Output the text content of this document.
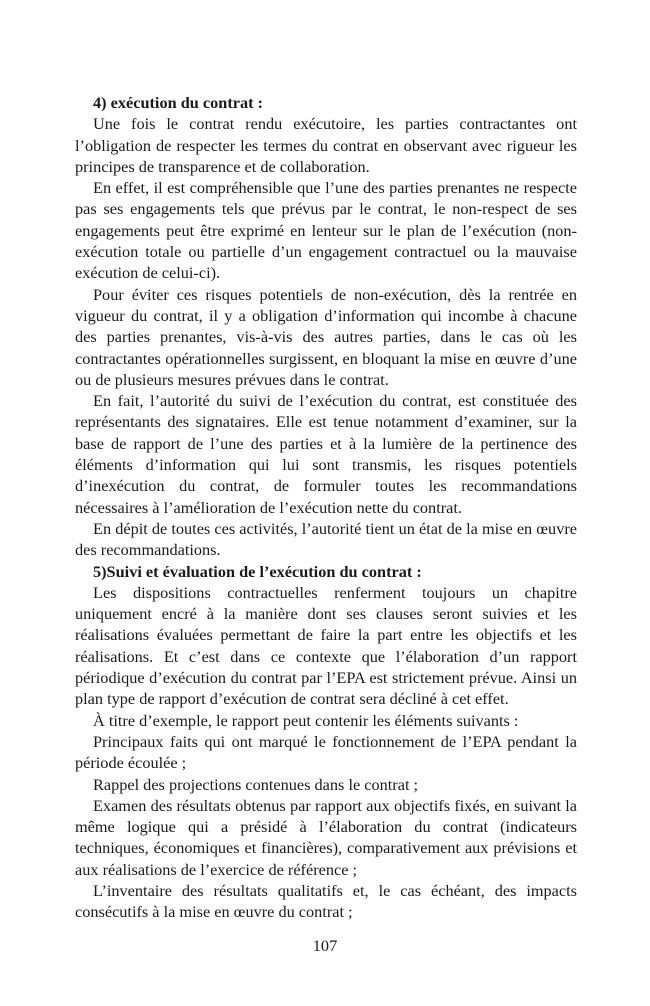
4) exécution du contrat :

Une fois le contrat rendu exécutoire, les parties contractantes ont l’obligation de respecter les termes du contrat en observant avec rigueur les principes de transparence et de collaboration.

En effet, il est compréhensible que l’une des parties prenantes ne respecte pas ses engagements tels que prévus par le contrat, le non-respect de ses engagements peut être exprimé en lenteur sur le plan de l’exécution (non-exécution totale ou partielle d’un engagement contractuel ou la mauvaise exécution de celui-ci).

Pour éviter ces risques potentiels de non-exécution, dès la rentrée en vigueur du contrat, il y a obligation d’information qui incombe à chacune des parties prenantes, vis-à-vis des autres parties, dans le cas où les contractantes opérationnelles surgissent, en bloquant la mise en œuvre d’une ou de plusieurs mesures prévues dans le contrat.

En fait, l’autorité du suivi de l’exécution du contrat, est constituée des représentants des signataires. Elle est tenue notamment d’examiner, sur la base de rapport de l’une des parties et à la lumière de la pertinence des éléments d’information qui lui sont transmis, les risques potentiels d’inexécution du contrat, de formuler toutes les recommandations nécessaires à l’amélioration de l’exécution nette du contrat.

En dépit de toutes ces activités, l’autorité tient un état de la mise en œuvre des recommandations.

5)Suivi et évaluation de l’exécution du contrat :

Les dispositions contractuelles renferment toujours un chapitre uniquement encré à la manière dont ses clauses seront suivies et les réalisations évaluées permettant de faire la part entre les objectifs et les réalisations. Et c’est dans ce contexte que l’élaboration d’un rapport périodique d’exécution du contrat par l’EPA est strictement prévue. Ainsi un plan type de rapport d’exécution de contrat sera décliné à cet effet.

À titre d’exemple, le rapport peut contenir les éléments suivants :

Principaux faits qui ont marqué le fonctionnement de l’EPA pendant la période écoulée ;

Rappel des projections contenues dans le contrat ;

Examen des résultats obtenus par rapport aux objectifs fixés, en suivant la même logique qui a présidé à l’élaboration du contrat (indicateurs techniques, économiques et financières), comparativement aux prévisions et aux réalisations de l’exercice de référence ;

L’inventaire des résultats qualitatifs et, le cas échéant, des impacts consécutifs à la mise en œuvre du contrat ;

107
